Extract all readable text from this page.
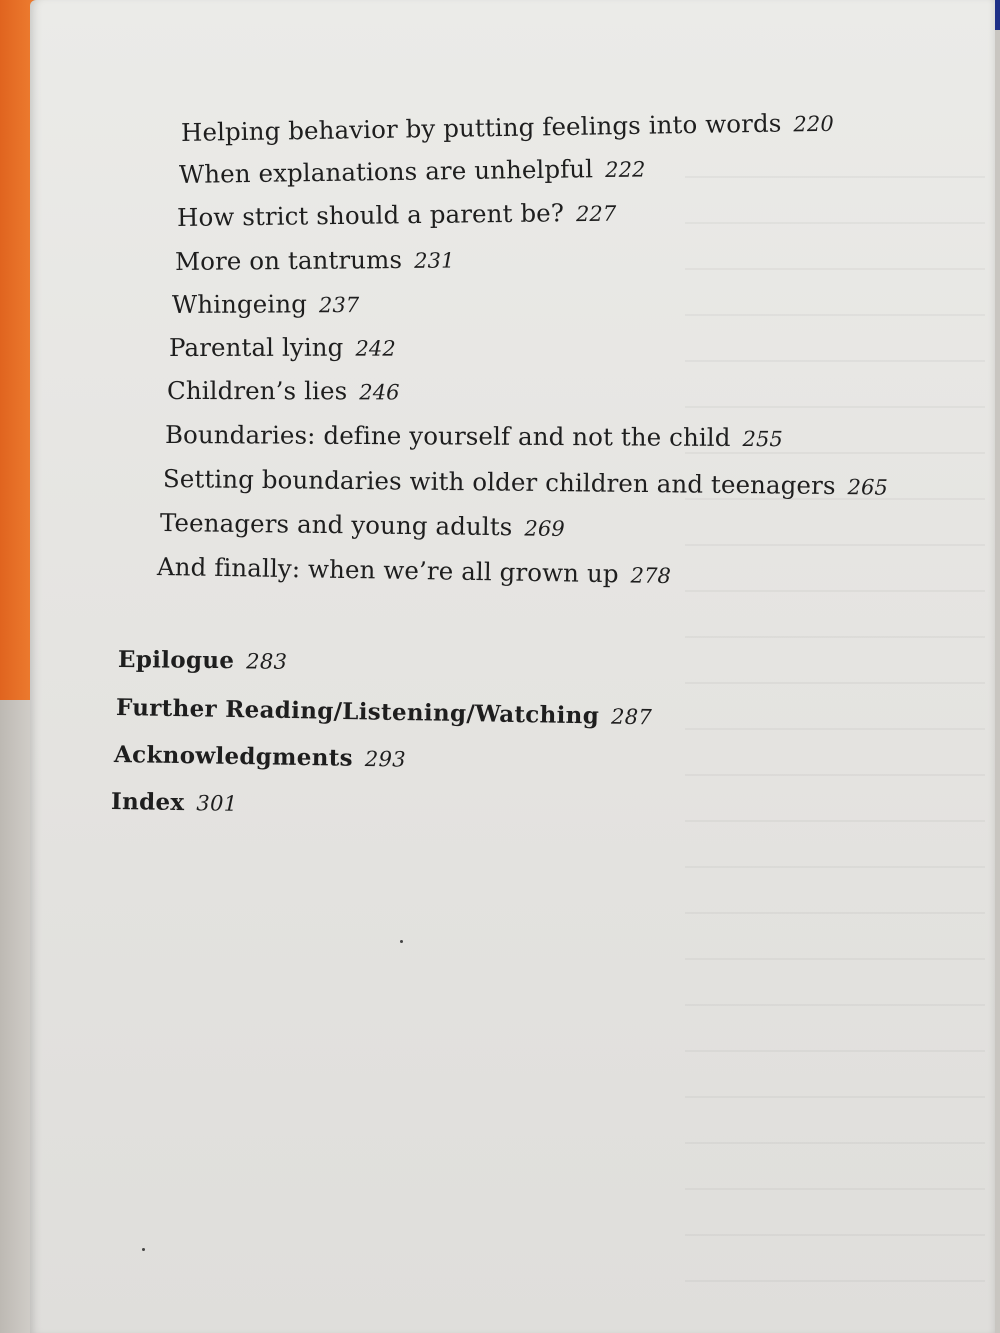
Helping behavior by putting feelings into words 220
When explanations are unhelpful 222
How strict should a parent be? 227
More on tantrums 231
Whingeing 237
Parental lying 242
Children’s lies 246
Boundaries: define yourself and not the child 255
Setting boundaries with older children and teenagers 265
Teenagers and young adults 269
And finally: when we’re all grown up 278
Epilogue 283
Further Reading/Listening/Watching 287
Acknowledgments 293
Index 301
